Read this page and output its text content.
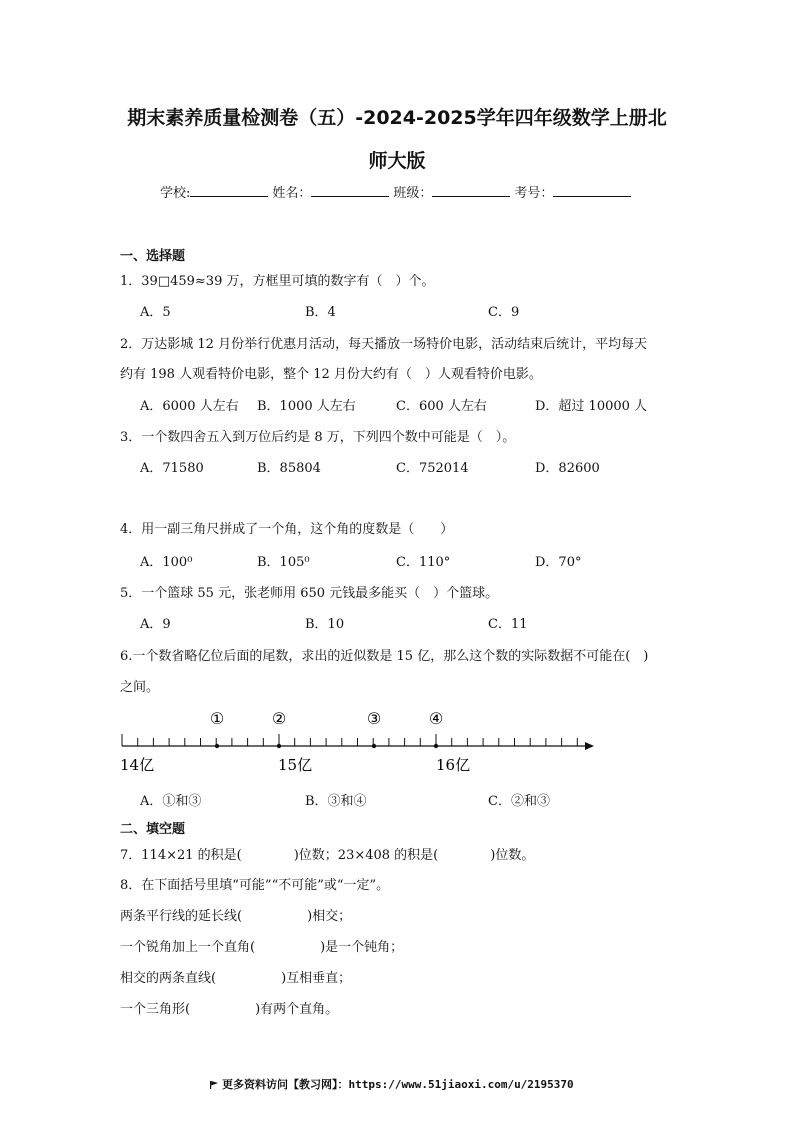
期末素养质量检测卷（五）-2024-2025学年四年级数学上册北
师大版
学校:	姓名：	班级：	考号：
一、选择题
1．39□459≈39 万，方框里可填的数字有（　）个。
A．5	B．4	C．9
2．万达影城 12 月份举行优惠月活动，每天播放一场特价电影，活动结束后统计，平均每天
约有 198 人观看特价电影，整个 12 月份大约有（　）人观看特价电影。
A．6000 人左右 B．1000 人左右	C．600 人左右	D．超过 10000 人
3．一个数四舍五入到万位后约是 8 万，下列四个数中可能是（　）。
A．71580	B．85804	C．752014	D．82600
4．用一副三角尺拼成了一个角，这个角的度数是（　　）
A．100⁰	B．105⁰	C．110°	D．70°
5．一个篮球 55 元，张老师用 650 元钱最多能买（　）个篮球。
A．9	B．10	C．11
6.一个数省略亿位后面的尾数，求出的近似数是 15 亿，那么这个数的实际数据不可能在(　)
之间。
①	②	③	④
14亿	15亿	16亿
A．①和③	B．③和④	C．②和③
二、填空题
7．114×21 的积是(　　　　)位数；23×408 的积是(　　　　)位数。
8．在下面括号里填“可能”“不可能”或“一定”。
两条平行线的延长线(　　　　　)相交；
一个锐角加上一个直角(　　　　　)是一个钝角；
相交的两条直线(　　　　　)互相垂直；
一个三角形(　　　　　)有两个直角。
更多资料访问【教习网】：https://www.51jiaoxi.com/u/2195370
